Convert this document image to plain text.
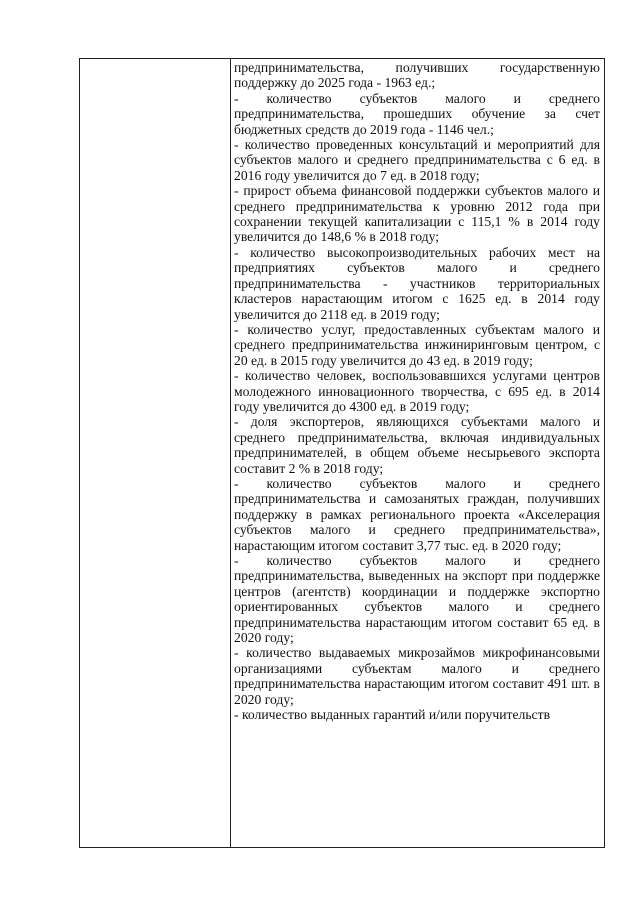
предпринимательства, получивших государственную поддержку до 2025 года - 1963 ед.;

- количество субъектов малого и среднего предпринимательства, прошедших обучение за счет бюджетных средств до 2019 года - 1146 чел.;

- количество проведенных консультаций и мероприятий для субъектов малого и среднего предпринимательства с 6 ед. в 2016 году увеличится до 7 ед. в 2018 году;

- прирост объема финансовой поддержки субъектов малого и среднего предпринимательства к уровню 2012 года при сохранении текущей капитализации с 115,1 % в 2014 году увеличится до 148,6 % в 2018 году;

- количество высокопроизводительных рабочих мест на предприятиях субъектов малого и среднего предпринимательства - участников территориальных кластеров нарастающим итогом с 1625 ед. в 2014 году увеличится до 2118 ед. в 2019 году;

- количество услуг, предоставленных субъектам малого и среднего предпринимательства инжиниринговым центром, с 20 ед. в 2015 году увеличится до 43 ед. в 2019 году;

- количество человек, воспользовавшихся услугами центров молодежного инновационного творчества, с 695 ед. в 2014 году увеличится до 4300 ед. в 2019 году;

- доля экспортеров, являющихся субъектами малого и среднего предпринимательства, включая индивидуальных предпринимателей, в общем объеме несырьевого экспорта составит 2 % в 2018 году;

- количество субъектов малого и среднего предпринимательства и самозанятых граждан, получивших поддержку в рамках регионального проекта «Акселерация субъектов малого и среднего предпринимательства», нарастающим итогом составит 3,77 тыс. ед. в 2020 году;

- количество субъектов малого и среднего предпринимательства, выведенных на экспорт при поддержке центров (агентств) координации и поддержке экспортно ориентированных субъектов малого и среднего предпринимательства нарастающим итогом составит 65 ед. в 2020 году;

- количество выдаваемых микрозаймов микрофинансовыми организациями субъектам малого и среднего предпринимательства нарастающим итогом составит 491 шт. в 2020 году;

- количество выданных гарантий и/или поручительств
